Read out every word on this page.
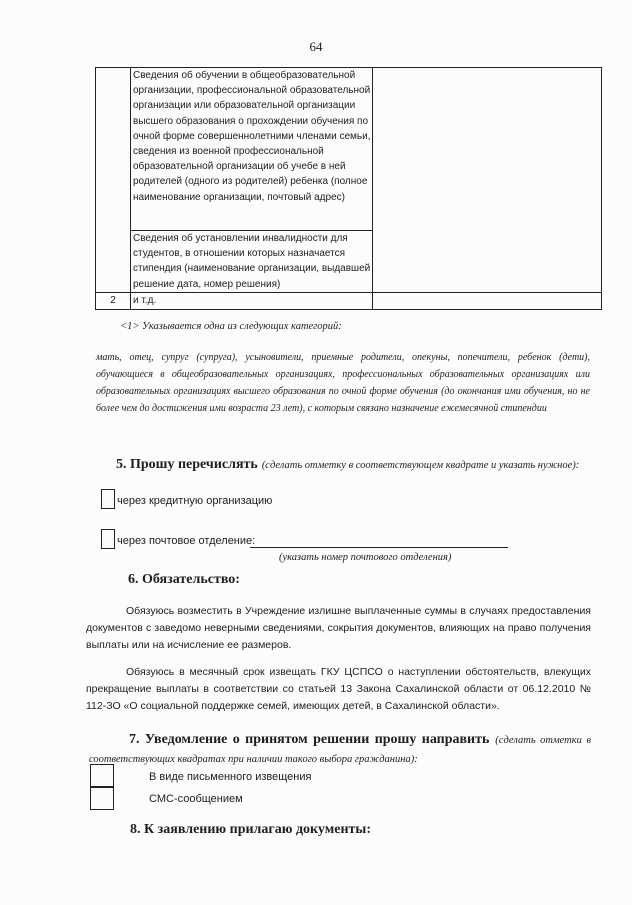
64
	Сведения об обучении в общеобразовательной организации, профессиональной образовательной организации или образовательной организации высшего образования о прохождении обучения по очной форме совершеннолетними членами семьи, сведения из военной профессиональной образовательной организации об учебе в ней родителей (одного из родителей) ребенка (полное наименование организации, почтовый адрес)	
	Сведения об установлении инвалидности для студентов, в отношении которых назначается стипендия (наименование организации, выдавшей решение дата, номер решения)	
2	и т.д.	
<1> Указывается одна из следующих категорий:
мать, отец, супруг (супруга), усыновители, приемные родители, опекуны, попечители, ребенок (дети), обучающиеся в общеобразовательных организациях, профессиональных образовательных организациях или образовательных организациях высшего образования по очной форме обучения (до окончания ими обучения, но не более чем до достижения ими возраста 23 лет), с которым связано назначение ежемесячной стипендии
5. Прошу перечислять (сделать отметку в соответствующем квадрате и указать нужное):
через кредитную организацию
через почтовое отделение:
(указать номер почтового отделения)
6. Обязательство:
Обязуюсь возместить в Учреждение излишне выплаченные суммы в случаях предоставления документов с заведомо неверными сведениями, сокрытия документов, влияющих на право получения выплаты или на исчисление ее размеров.
Обязуюсь в месячный срок извещать ГКУ ЦСПСО о наступлении обстоятельств, влекущих прекращение выплаты в соответствии со статьей 13 Закона Сахалинской области от 06.12.2010 № 112-ЗО «О социальной поддержке семей, имеющих детей, в Сахалинской области».
7. Уведомление о принятом решении прошу направить (сделать отметки в соответствующих квадратах при наличии такого выбора гражданина):
В виде письменного извещения
СМС-сообщением
8. К заявлению прилагаю документы:
